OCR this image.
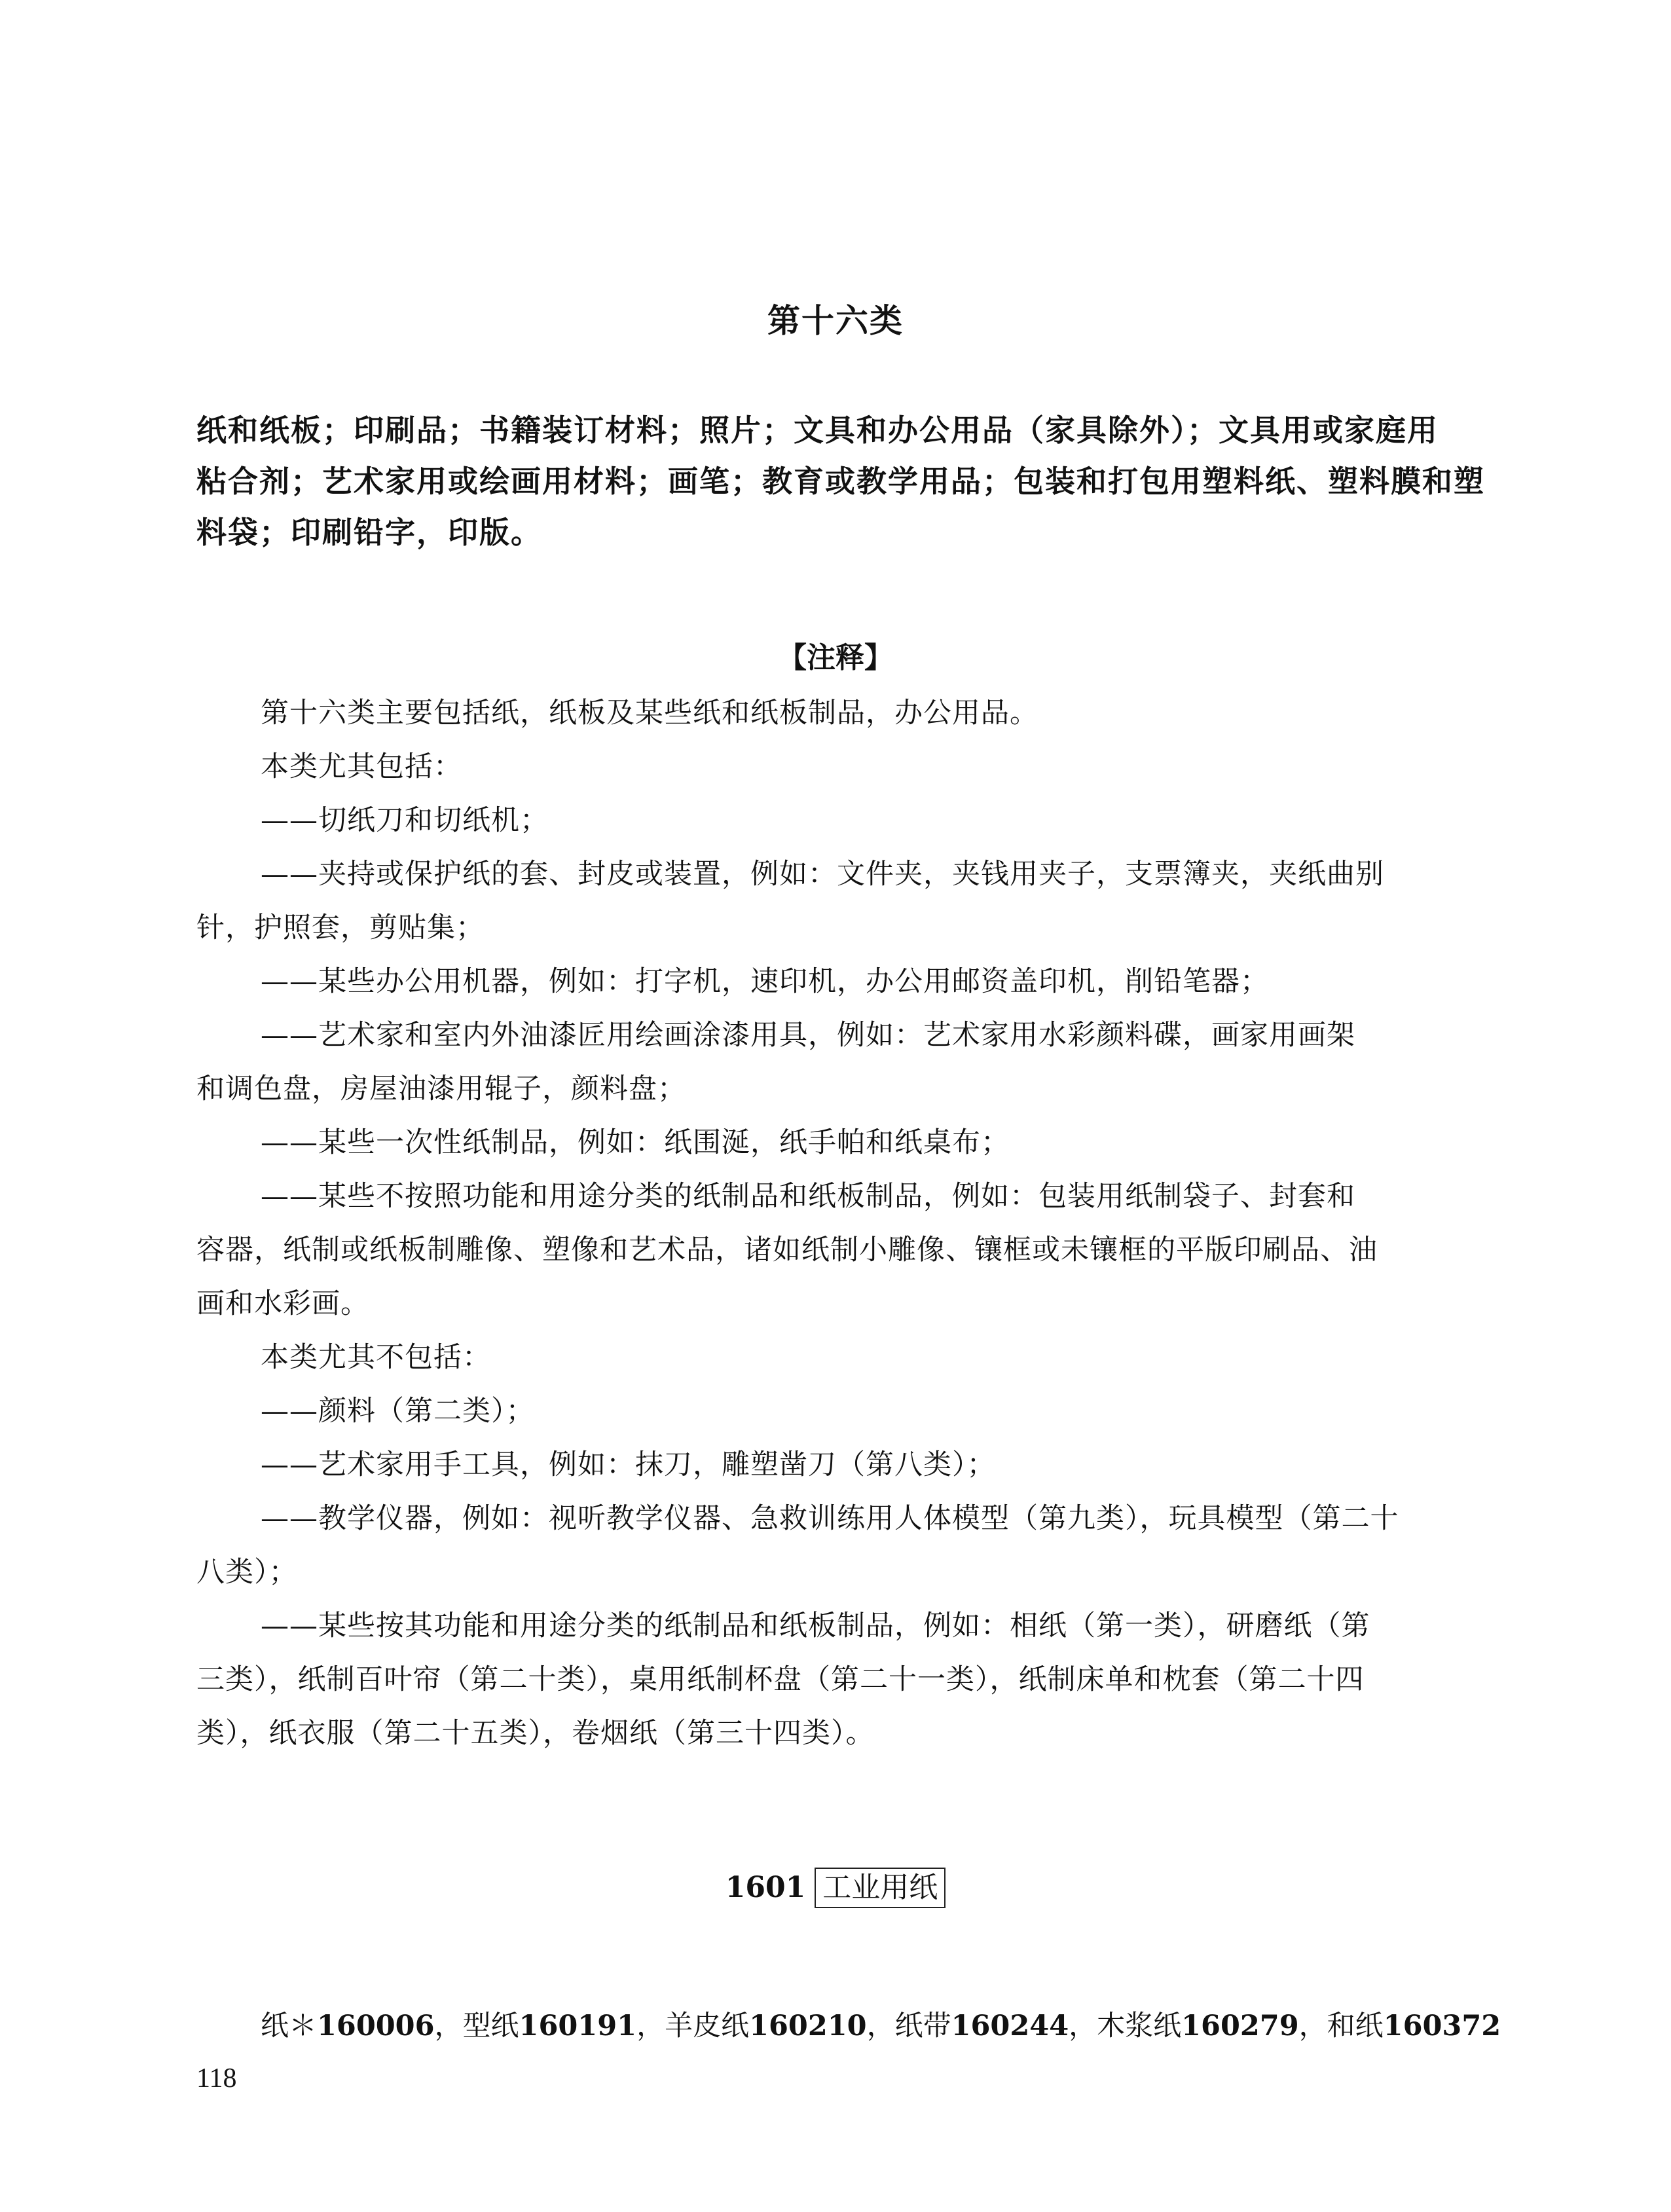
第十六类
纸和纸板；印刷品；书籍装订材料；照片；文具和办公用品（家具除外）；文具用或家庭用
粘合剂；艺术家用或绘画用材料；画笔；教育或教学用品；包装和打包用塑料纸、塑料膜和塑
料袋；印刷铅字，印版。
【注释】
第十六类主要包括纸，纸板及某些纸和纸板制品，办公用品。
本类尤其包括：
——切纸刀和切纸机；
——夹持或保护纸的套、封皮或装置，例如：文件夹，夹钱用夹子，支票簿夹，夹纸曲别
针，护照套，剪贴集；
——某些办公用机器，例如：打字机，速印机，办公用邮资盖印机，削铅笔器；
——艺术家和室内外油漆匠用绘画涂漆用具，例如：艺术家用水彩颜料碟，画家用画架
和调色盘，房屋油漆用辊子，颜料盘；
——某些一次性纸制品，例如：纸围涎，纸手帕和纸桌布；
——某些不按照功能和用途分类的纸制品和纸板制品，例如：包装用纸制袋子、封套和
容器，纸制或纸板制雕像、塑像和艺术品，诸如纸制小雕像、镶框或未镶框的平版印刷品、油
画和水彩画。
本类尤其不包括：
——颜料（第二类）；
——艺术家用手工具，例如：抹刀，雕塑凿刀（第八类）；
——教学仪器，例如：视听教学仪器、急救训练用人体模型（第九类），玩具模型（第二十
八类）；
——某些按其功能和用途分类的纸制品和纸板制品，例如：相纸（第一类），研磨纸（第
三类），纸制百叶帘（第二十类），桌用纸制杯盘（第二十一类），纸制床单和枕套（第二十四
类），纸衣服（第二十五类），卷烟纸（第三十四类）。
1601 工业用纸
纸＊160006，型纸160191，羊皮纸160210，纸带160244，木浆纸160279，和纸160372
118
